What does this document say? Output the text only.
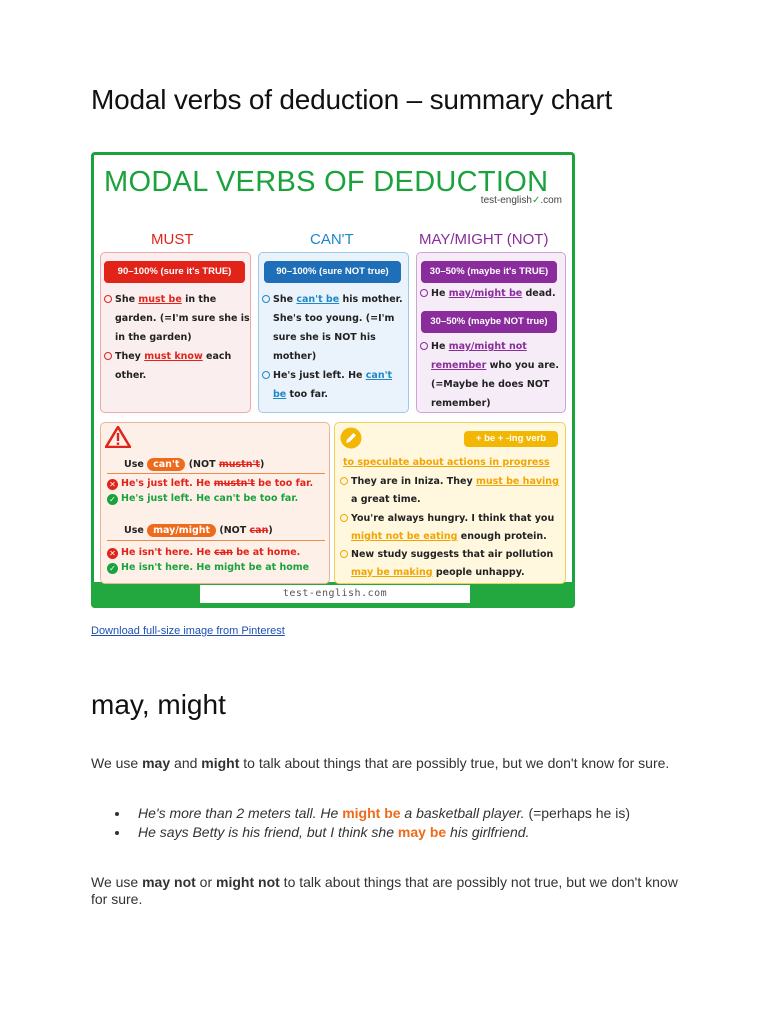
Modal verbs of deduction – summary chart
MODAL VERBS OF DEDUCTION
test-english✓.com
MUST	CAN'T	MAY/MIGHT (NOT)
90–100% (sure it's TRUE)
She must be in the
garden. (=I'm sure she is
in the garden)
They must know each
other.
90–100% (sure NOT true)
She can't be his mother.
She's too young. (=I'm
sure she is NOT his
mother)
He's just left. He can't
be too far.
30–50% (maybe it's TRUE)
He may/might be dead.
30–50% (maybe NOT true)
He may/might not
remember who you are.
(=Maybe he does NOT
remember)
Use can't (NOT mustn't)
✕ He's just left. He mustn't be too far.
✓ He's just left. He can't be too far.
Use may/might (NOT can)
✕ He isn't here. He can be at home.
✓ He isn't here. He might be at home
+ be + -ing verb
to speculate about actions in progress
They are in Iniza. They must be having
a great time.
You're always hungry. I think that you
might not be eating enough protein.
New study suggests that air pollution
may be making people unhappy.
test-english.com
Download full-size image from Pinterest
may, might

We use may and might to talk about things that are possibly true, but we don't know for sure.

He's more than 2 meters tall. He might be a basketball player. (=perhaps he is)
He says Betty is his friend, but I think she may be his girlfriend.

We use may not or might not to talk about things that are possibly not true, but we don't know for sure.
